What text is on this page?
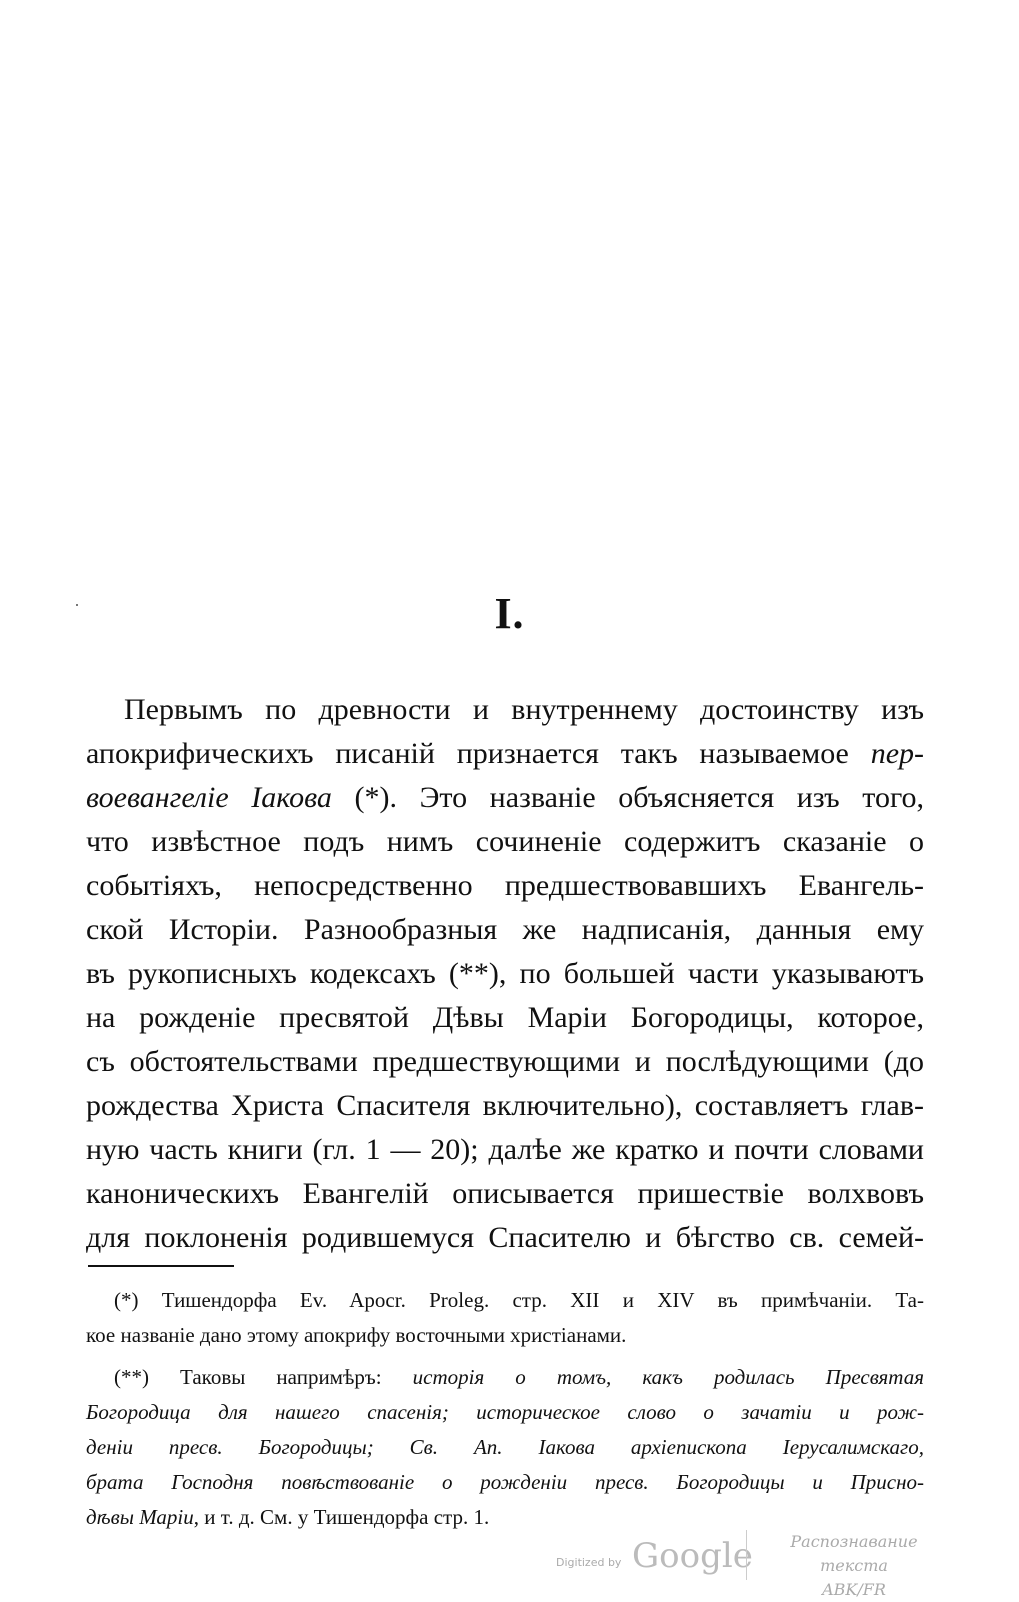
I.
Первымъ по древности и внутреннему достоинству изъ
апокрифическихъ писаній признается такъ называемое пер-
воевангеліе Іакова (*). Это названіе объясняется изъ того,
что извѣстное подъ нимъ сочиненіе содержитъ сказаніе о
событіяхъ, непосредственно предшествовавшихъ Евангель-
ской Исторіи. Разнообразныя же надписанія, данныя ему
въ рукописныхъ кодексахъ (**), по большей части указываютъ
на рожденіе пресвятой Дѣвы Маріи Богородицы, которое,
съ обстоятельствами предшествующими и послѣдующими (до
рождества Христа Спасителя включительно), составляетъ глав-
ную часть книги (гл. 1 — 20); далѣе же кратко и почти словами
каноническихъ Евангелій описывается пришествіе волхвовъ
для поклоненія родившемуся Спасителю и бѣгство св. семей-
(*) Тишендорфа Ev. Apocr. Proleg. стр. XII и XIV въ примѣчаніи. Та-
кое названіе дано этому апокрифу восточными христіанами.
(**) Таковы напримѣръ: исторія о томъ, какъ родилась Пресвятая
Богородица для нашего спасенія; историческое слово о зачатіи и рож-
деніи пресв. Богородицы; Св. Ап. Іакова архіепископа Іерусалимскаго,
брата Господня повѣствованіе о рожденіи пресв. Богородицы и Присно-
дѣвы Маріи, и т. д. См. у Тишендорфа стр. 1.
Digitized by Google	Распознавание текста
ABK/FR
